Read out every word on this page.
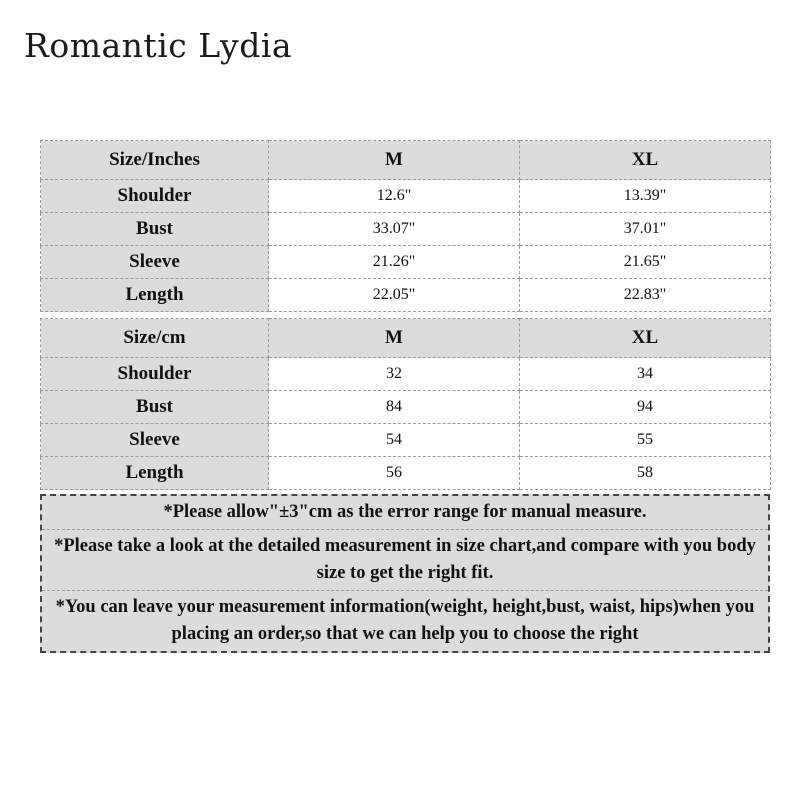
Romantic Lydia
Size/Inches	M	XL
Shoulder	12.6"	13.39"
Bust	33.07"	37.01"
Sleeve	21.26"	21.65"
Length	22.05"	22.83"
Size/cm	M	XL
Shoulder	32	34
Bust	84	94
Sleeve	54	55
Length	56	58
*Please allow"±3"cm as the error range for manual measure.
*Please take a look at the detailed measurement in size chart,and compare with you body size to get the right fit.
*You can leave your measurement information(weight, height,bust, waist, hips)when you placing an order,so that we can help you to choose the right
